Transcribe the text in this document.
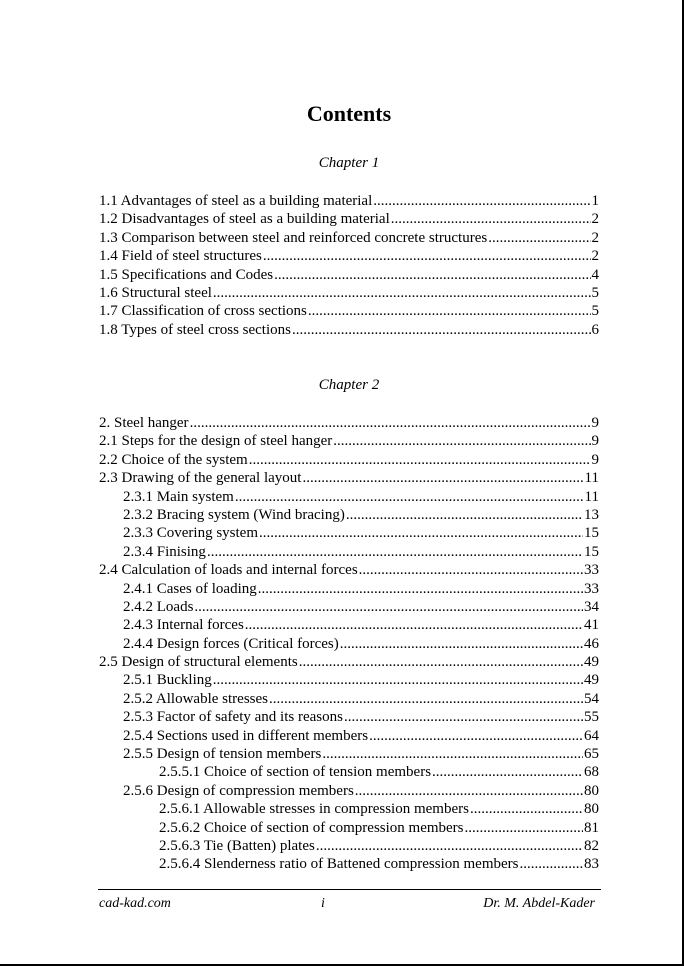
Contents
Chapter 1
1.1 Advantages of steel as a building material .....	1
1.2 Disadvantages of steel as a building material .....	2
1.3 Comparison between steel and reinforced concrete structures .....	2
1.4 Field of steel structures .....	2
1.5 Specifications and Codes .....	4
1.6 Structural steel .....	5
1.7 Classification of cross sections .....	5
1.8 Types of steel cross sections .....	6
Chapter 2
2. Steel hanger .....	9
2.1 Steps for the design of steel hanger .....	9
2.2 Choice of the system .....	9
2.3 Drawing of the general layout .....	11
2.3.1 Main system .....	11
2.3.2 Bracing system (Wind bracing) .....	13
2.3.3 Covering system .....	15
2.3.4 Finising .....	15
2.4 Calculation of loads and internal forces .....	33
2.4.1 Cases of loading .....	33
2.4.2 Loads .....	34
2.4.3 Internal forces .....	41
2.4.4 Design forces (Critical forces) .....	46
2.5 Design of structural elements .....	49
2.5.1 Buckling .....	49
2.5.2 Allowable stresses .....	54
2.5.3 Factor of safety and its reasons .....	55
2.5.4 Sections used in different members .....	64
2.5.5 Design of tension members .....	65
2.5.5.1 Choice of section of tension members .....	68
2.5.6 Design of compression members .....	80
2.5.6.1 Allowable stresses in compression members .....	80
2.5.6.2 Choice of section of compression members .....	81
2.5.6.3 Tie (Batten) plates .....	82
2.5.6.4 Slenderness ratio of Battened compression members .....	83
cad-kad.com	i	Dr. M. Abdel-Kader
